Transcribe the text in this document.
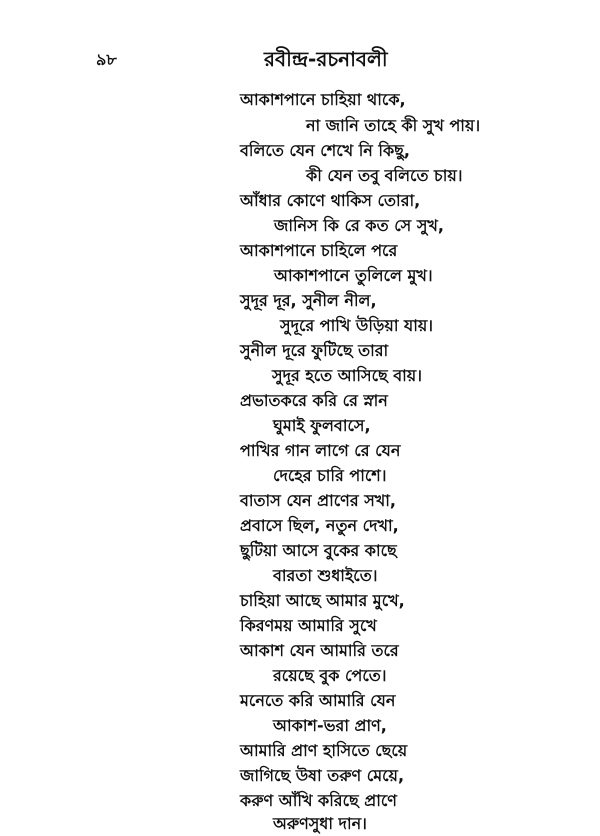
৯৮	রবীন্দ্র-রচনাবলী
আকাশপানে চাহিয়া থাকে,
না জানি তাহে কী সুখ পায়।
বলিতে যেন শেখে নি কিছু,
কী যেন তবু বলিতে চায়।
আঁধার কোণে থাকিস তোরা,
জানিস কি রে কত সে সুখ,
আকাশপানে চাহিলে পরে
আকাশপানে তুলিলে মুখ।
সুদূর দূর, সুনীল নীল,
সুদূরে পাখি উড়িয়া যায়।
সুনীল দূরে ফুটিছে তারা
সুদূর হতে আসিছে বায়।
প্রভাতকরে করি রে স্নান
ঘুমাই ফুলবাসে,
পাখির গান লাগে রে যেন
দেহের চারি পাশে।
বাতাস যেন প্রাণের সখা,
প্রবাসে ছিল, নতুন দেখা,
ছুটিয়া আসে বুকের কাছে
বারতা শুধাইতে।
চাহিয়া আছে আমার মুখে,
কিরণময় আমারি সুখে
আকাশ যেন আমারি তরে
রয়েছে বুক পেতে।
মনেতে করি আমারি যেন
আকাশ-ভরা প্রাণ,
আমারি প্রাণ হাসিতে ছেয়ে
জাগিছে উষা তরুণ মেয়ে,
করুণ আঁখি করিছে প্রাণে
অরুণসুধা দান।
